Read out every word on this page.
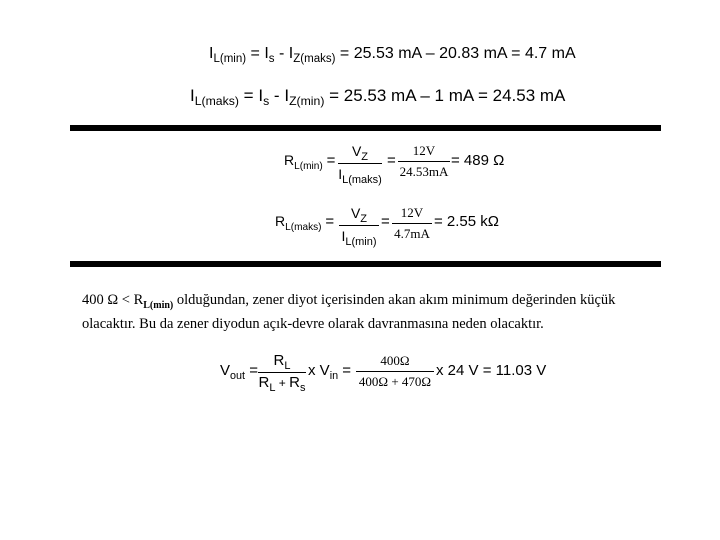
$I_{L(min)} = I_s - I_{Z(maks)} = 25.53$ mA – 20.83 mA = 4.7 mA
$I_{L(maks)} = I_s - I_{Z(min)} = 25.53$ mA – 1 mA = 24.53 mA
$R_{L(min)}$ =
$V_Z$
$I_{L(maks)}$
=
12V
24.53mA
= 489 Ω
$R_{L(maks)}$ =	$V_Z$
$I_{L(min)}$
=
12V
4.7mA
= 2.55 kΩ
400 $\Omega < R_{L(min)}$ olduğundan, zener diyot içerisinden akan akım minimum değerinden küçük olacaktır. Bu da zener diyodun açık-devre olarak davranmasına neden olacaktır.
$V_{out}$ =
$R_L$
$R_L + R_s$
x $V_{in}$ =
400Ω
400Ω + 470Ω
x 24 V = 11.03 V
